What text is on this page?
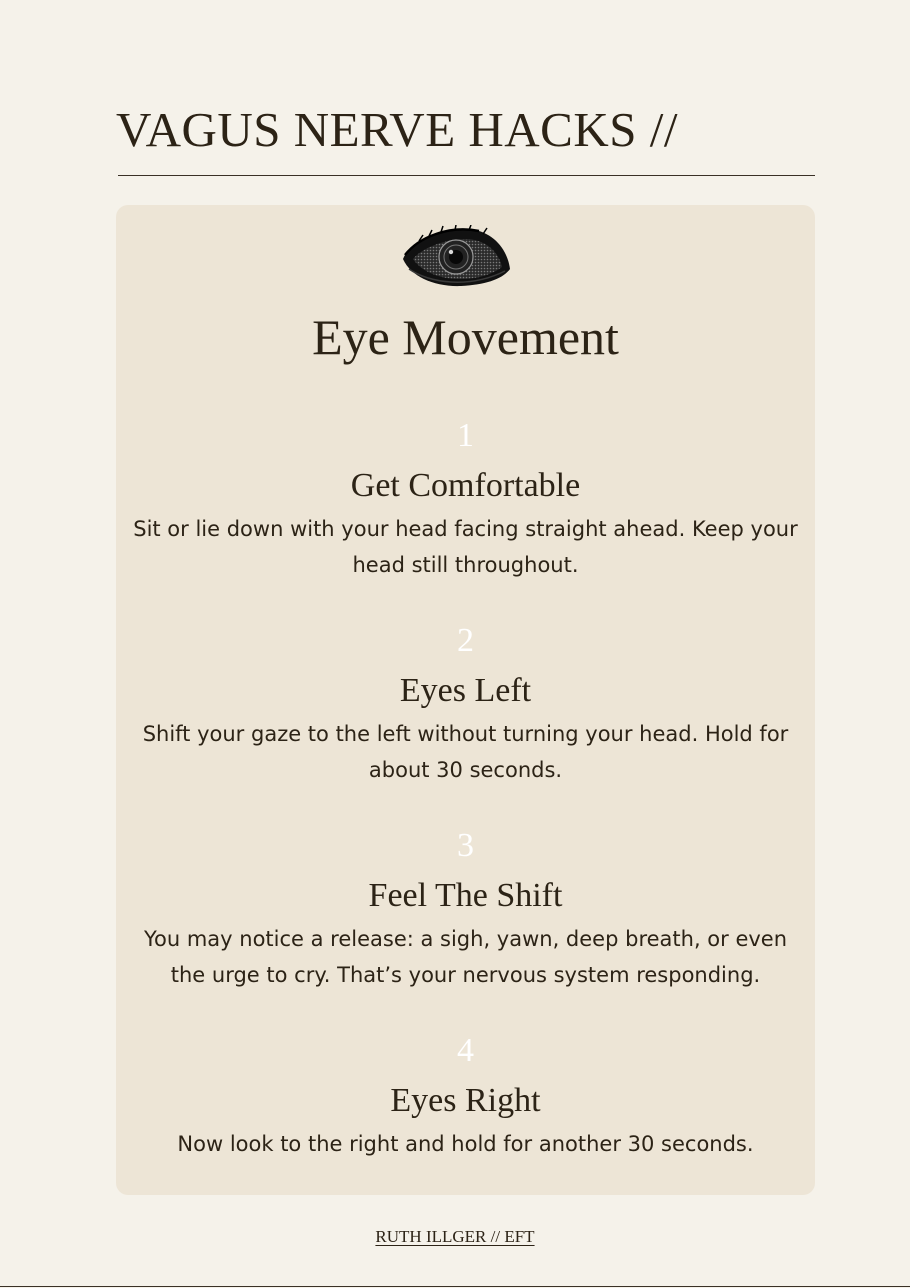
VAGUS NERVE HACKS //
Eye Movement
1
Get Comfortable
Sit or lie down with your head facing straight ahead. Keep your head still throughout.
2
Eyes Left
Shift your gaze to the left without turning your head. Hold for about 30 seconds.
3
Feel The Shift
You may notice a release: a sigh, yawn, deep breath, or even the urge to cry. That’s your nervous system responding.
4
Eyes Right
Now look to the right and hold for another 30 seconds.
RUTH ILLGER // EFT
